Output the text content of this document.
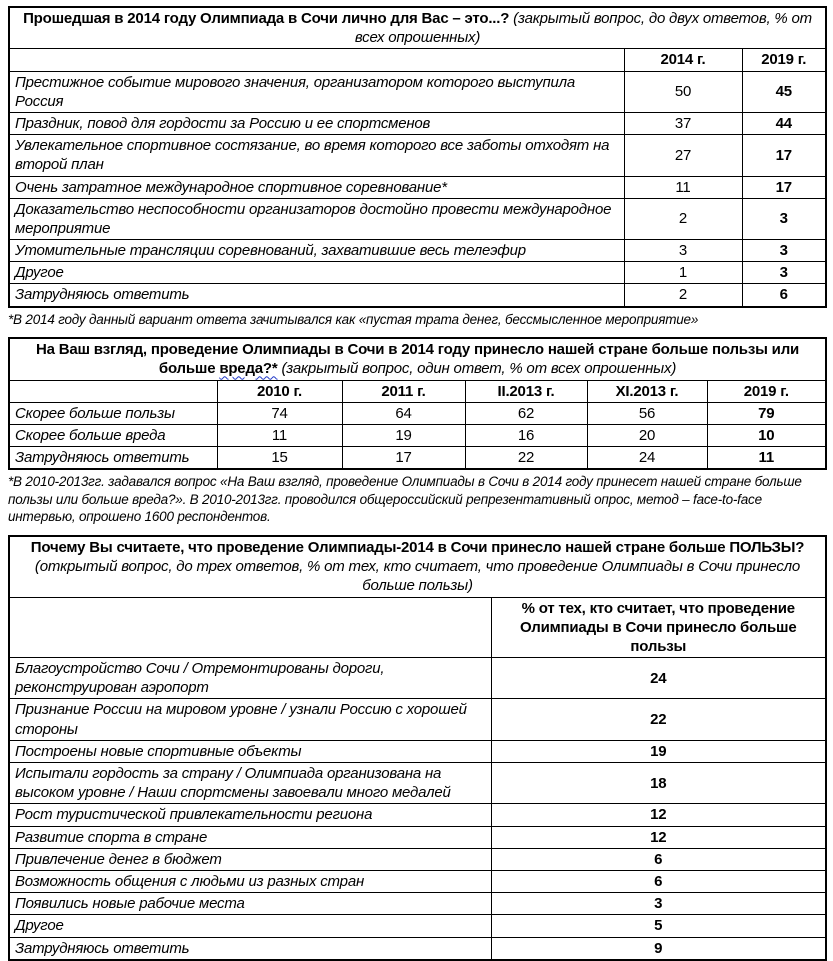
Прошедшая в 2014 году Олимпиада в Сочи лично для Вас – это...? (закрытый вопрос, до двух ответов, % от всех опрошенных)		
	2014 г.	2019 г.
Престижное событие мирового значения, организатором которого выступила Россия	50	45
Праздник, повод для гордости за Россию и ее спортсменов	37	44
Увлекательное спортивное состязание, во время которого все заботы отходят на второй план	27	17
Очень затратное международное спортивное соревнование*	11	17
Доказательство неспособности организаторов достойно провести международное мероприятие	2	3
Утомительные трансляции соревнований, захватившие весь телеэфир	3	3
Другое	1	3
Затрудняюсь ответить	2	6

*В 2014 году данный вариант ответа зачитывался как «пустая трата денег, бессмысленное мероприятие»

На Ваш взгляд, проведение Олимпиады в Сочи в 2014 году принесло нашей стране больше пользы или больше вреда?* (закрытый вопрос, один ответ, % от всех опрошенных)					
	2010 г.	2011 г.	II.2013 г.	XI.2013 г.	2019 г.
Скорее больше пользы	74	64	62	56	79
Скорее больше вреда	11	19	16	20	10
Затрудняюсь ответить	15	17	22	24	11

*В 2010-2013гг. задавался вопрос «На Ваш взгляд, проведение Олимпиады в Сочи в 2014 году принесет нашей стране больше пользы или больше вреда?». В 2010-2013гг. проводился общероссийский репрезентативный опрос, метод – face-to-face интервью, опрошено 1600 респондентов.

Почему Вы считаете, что проведение Олимпиады-2014 в Сочи принесло нашей стране больше ПОЛЬЗЫ? (открытый вопрос, до трех ответов, % от тех, кто считает, что проведение Олимпиады в Сочи принесло больше пользы)	
	% от тех, кто считает, что проведение Олимпиады в Сочи принесло больше пользы
Благоустройство Сочи / Отремонтированы дороги, реконструирован аэропорт	24
Признание России на мировом уровне / узнали Россию с хорошей стороны	22
Построены новые спортивные объекты	19
Испытали гордость за страну / Олимпиада организована на высоком уровне / Наши спортсмены завоевали много медалей	18
Рост туристической привлекательности региона	12
Развитие спорта в стране	12
Привлечение денег в бюджет	6
Возможность общения с людьми из разных стран	6
Появились новые рабочие места	3
Другое	5
Затрудняюсь ответить	9
